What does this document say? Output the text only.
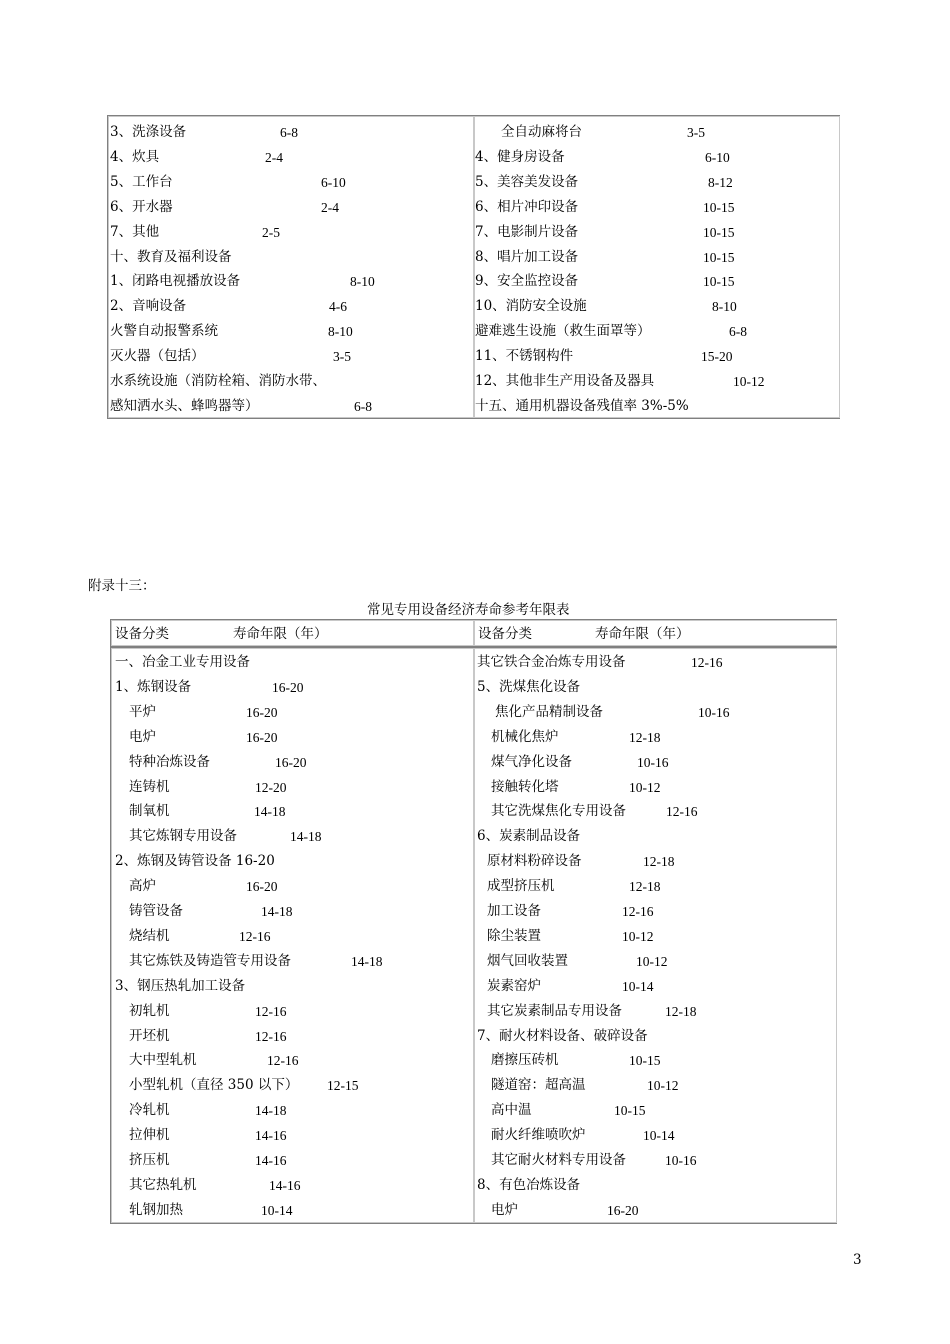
3、洗涤设备	6-8
4、炊具	2-4
5、工作台	6-10
6、开水器	2-4
7、其他	2-5
十、教育及福利设备
1、闭路电视播放设备	8-10
2、音响设备	4-6
火警自动报警系统	8-10
灭火器（包括）	3-5
水系统设施（消防栓箱、消防水带、
感知洒水头、蜂鸣器等）	6-8
全自动麻将台	3-5
4、健身房设备	6-10
5、美容美发设备	8-12
6、相片冲印设备	10-15
7、电影制片设备	10-15
8、唱片加工设备	10-15
9、安全监控设备	10-15
10、消防安全设施	8-10
避难逃生设施（救生面罩等）	6-8
11、不锈钢构件	15-20
12、其他非生产用设备及器具	10-12
十五、通用机器设备残值率 3%-5%
附录十三：
常见专用设备经济寿命参考年限表
设备分类	寿命年限（年）	设备分类	寿命年限（年）
一、冶金工业专用设备
1、炼钢设备	16-20
平炉	16-20
电炉	16-20
特种冶炼设备	16-20
连铸机	12-20
制氧机	14-18
其它炼钢专用设备	14-18
2、炼钢及铸管设备 16-20
高炉	16-20
铸管设备	14-18
烧结机	12-16
其它炼铁及铸造管专用设备	14-18
3、钢压热轧加工设备
初轧机	12-16
开坯机	12-16
大中型轧机	12-16
小型轧机（直径 350 以下） 12-15
冷轧机	14-18
拉伸机	14-16
挤压机	14-16
其它热轧机	14-16
轧钢加热	10-14
其它铁合金冶炼专用设备	12-16
5、洗煤焦化设备
焦化产品精制设备	10-16
机械化焦炉	12-18
煤气净化设备	10-16
接触转化塔	10-12
其它洗煤焦化专用设备	12-16
6、炭素制品设备
原材料粉碎设备	12-18
成型挤压机	12-18
加工设备	12-16
除尘装置	10-12
烟气回收装置	10-12
炭素窑炉	10-14
其它炭素制品专用设备	12-18
7、耐火材料设备、破碎设备
磨擦压砖机	10-15
隧道窑：超高温	10-12
高中温	10-15
耐火纤维喷吹炉	10-14
其它耐火材料专用设备	10-16
8、有色冶炼设备
电炉	16-20
3
